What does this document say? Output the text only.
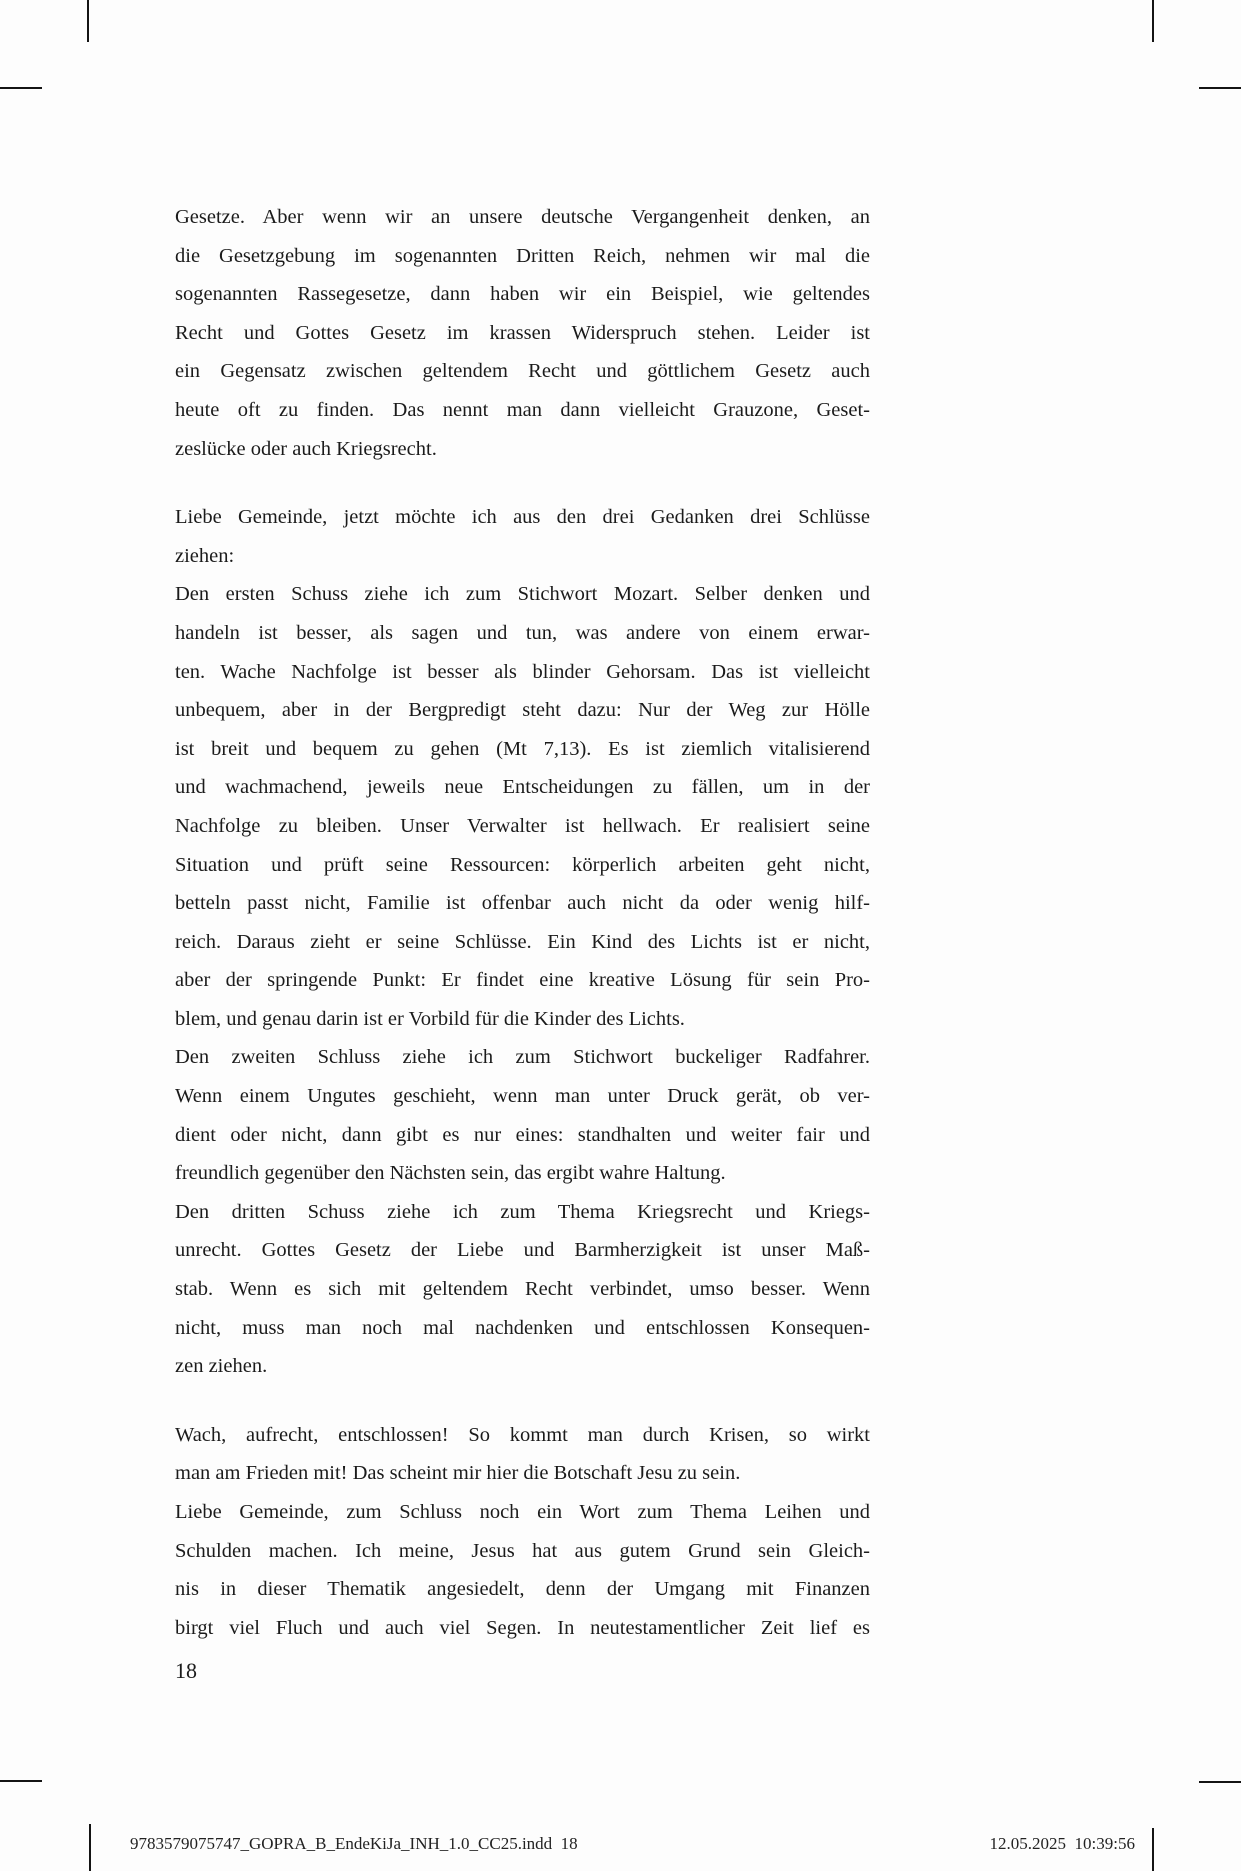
Gesetze. Aber wenn wir an unsere deutsche Vergangenheit denken, an
die Gesetzgebung im sogenannten Dritten Reich, nehmen wir mal die
sogenannten Rassegesetze, dann haben wir ein Beispiel, wie geltendes
Recht und Gottes Gesetz im krassen Widerspruch stehen. Leider ist
ein Gegensatz zwischen geltendem Recht und göttlichem Gesetz auch
heute oft zu finden. Das nennt man dann vielleicht Grauzone, Geset-
zeslücke oder auch Kriegsrecht.
Liebe Gemeinde, jetzt möchte ich aus den drei Gedanken drei Schlüsse
ziehen:
Den ersten Schuss ziehe ich zum Stichwort Mozart. Selber denken und
handeln ist besser, als sagen und tun, was andere von einem erwar-
ten. Wache Nachfolge ist besser als blinder Gehorsam. Das ist vielleicht
unbequem, aber in der Bergpredigt steht dazu: Nur der Weg zur Hölle
ist breit und bequem zu gehen (Mt 7,13). Es ist ziemlich vitalisierend
und wachmachend, jeweils neue Entscheidungen zu fällen, um in der
Nachfolge zu bleiben. Unser Verwalter ist hellwach. Er realisiert seine
Situation und prüft seine Ressourcen: körperlich arbeiten geht nicht,
betteln passt nicht, Familie ist offenbar auch nicht da oder wenig hilf-
reich. Daraus zieht er seine Schlüsse. Ein Kind des Lichts ist er nicht,
aber der springende Punkt: Er findet eine kreative Lösung für sein Pro-
blem, und genau darin ist er Vorbild für die Kinder des Lichts.
Den zweiten Schluss ziehe ich zum Stichwort buckeliger Radfahrer.
Wenn einem Ungutes geschieht, wenn man unter Druck gerät, ob ver-
dient oder nicht, dann gibt es nur eines: standhalten und weiter fair und
freundlich gegenüber den Nächsten sein, das ergibt wahre Haltung.
Den dritten Schuss ziehe ich zum Thema Kriegsrecht und Kriegs-
unrecht. Gottes Gesetz der Liebe und Barmherzigkeit ist unser Maß-
stab. Wenn es sich mit geltendem Recht verbindet, umso besser. Wenn
nicht, muss man noch mal nachdenken und entschlossen Konsequen-
zen ziehen.
Wach, aufrecht, entschlossen! So kommt man durch Krisen, so wirkt
man am Frieden mit! Das scheint mir hier die Botschaft Jesu zu sein.
Liebe Gemeinde, zum Schluss noch ein Wort zum Thema Leihen und
Schulden machen. Ich meine, Jesus hat aus gutem Grund sein Gleich-
nis in dieser Thematik angesiedelt, denn der Umgang mit Finanzen
birgt viel Fluch und auch viel Segen. In neutestamentlicher Zeit lief es
18
9783579075747_GOPRA_B_EndeKiJa_INH_1.0_CC25.indd  18	12.05.2025  10:39:56
